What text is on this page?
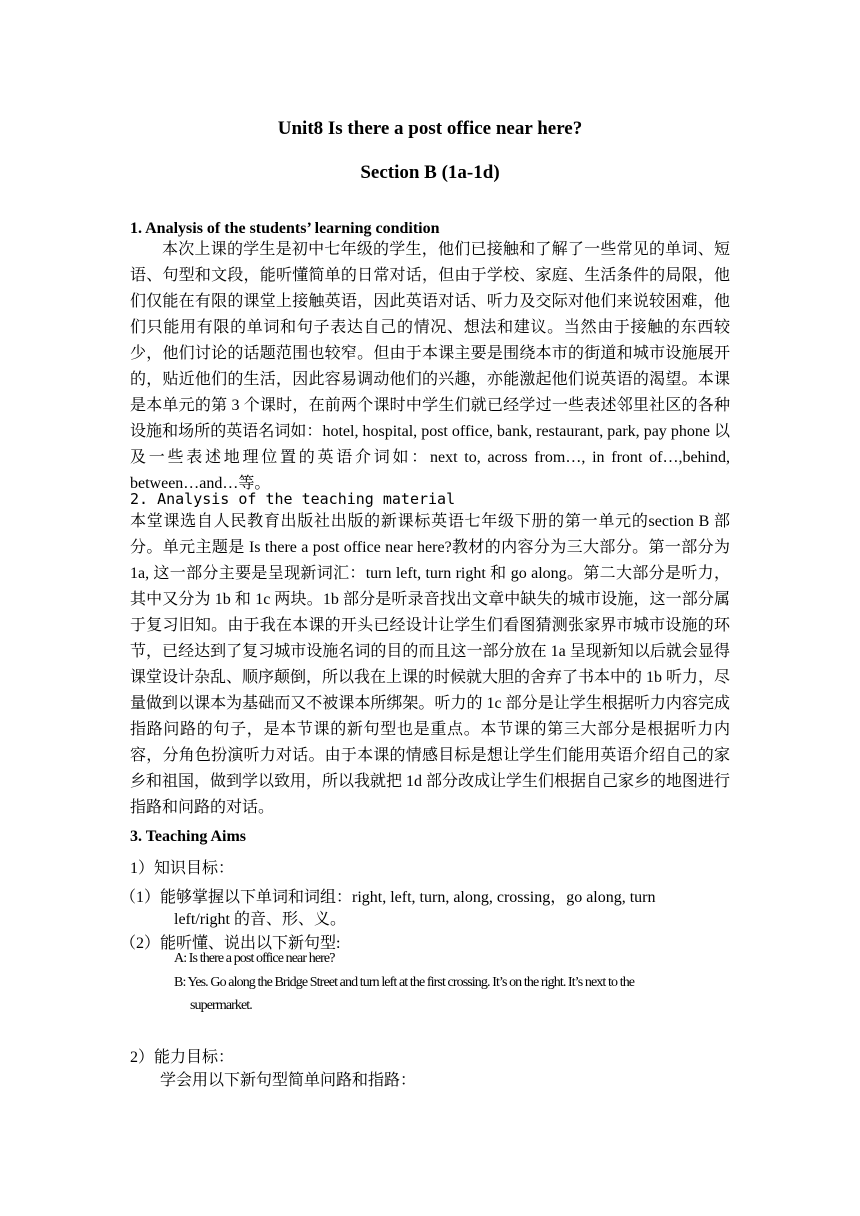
Unit8 Is there a post office near here?
Section B (1a-1d)
1. Analysis of the students’ learning condition

本次上课的学生是初中七年级的学生，他们已接触和了解了一些常见的单词、短语、句型和文段，能听懂简单的日常对话，但由于学校、家庭、生活条件的局限，他们仅能在有限的课堂上接触英语，因此英语对话、听力及交际对他们来说较困难，他们只能用有限的单词和句子表达自己的情况、想法和建议。当然由于接触的东西较少，他们讨论的话题范围也较窄。但由于本课主要是围绕本市的街道和城市设施展开的，贴近他们的生活，因此容易调动他们的兴趣，亦能激起他们说英语的渴望。本课是本单元的第 3 个课时，在前两个课时中学生们就已经学过一些表述邻里社区的各种设施和场所的英语名词如：hotel, hospital, post office, bank, restaurant, park, pay phone 以及一些表述地理位置的英语介词如：next to, across from…, in front of…,behind, between…and…等。

2. Analysis of the teaching material

本堂课选自人民教育出版社出版的新课标英语七年级下册的第一单元的section B 部分。单元主题是 Is there a post office near here?教材的内容分为三大部分。第一部分为 1a, 这一部分主要是呈现新词汇：turn left, turn right 和 go along。第二大部分是听力，其中又分为 1b 和 1c 两块。1b 部分是听录音找出文章中缺失的城市设施，这一部分属于复习旧知。由于我在本课的开头已经设计让学生们看图猜测张家界市城市设施的环节，已经达到了复习城市设施名词的目的而且这一部分放在 1a 呈现新知以后就会显得课堂设计杂乱、顺序颠倒，所以我在上课的时候就大胆的舍弃了书本中的 1b 听力，尽量做到以课本为基础而又不被课本所绑架。听力的 1c 部分是让学生根据听力内容完成指路问路的句子，是本节课的新句型也是重点。本节课的第三大部分是根据听力内容，分角色扮演听力对话。由于本课的情感目标是想让学生们能用英语介绍自己的家乡和祖国，做到学以致用，所以我就把 1d 部分改成让学生们根据自己家乡的地图进行指路和问路的对话。

3. Teaching Aims
1）知识目标：
（1）能够掌握以下单词和词组：right, left, turn, along, crossing，go along, turn
left/right 的音、形、义。
（2）能听懂、说出以下新句型:
A: Is there a post office near here?
B: Yes. Go along the Bridge Street and turn left at the first crossing. It’s on the right. It’s next to the
supermarket.
2）能力目标：
学会用以下新句型简单问路和指路：
